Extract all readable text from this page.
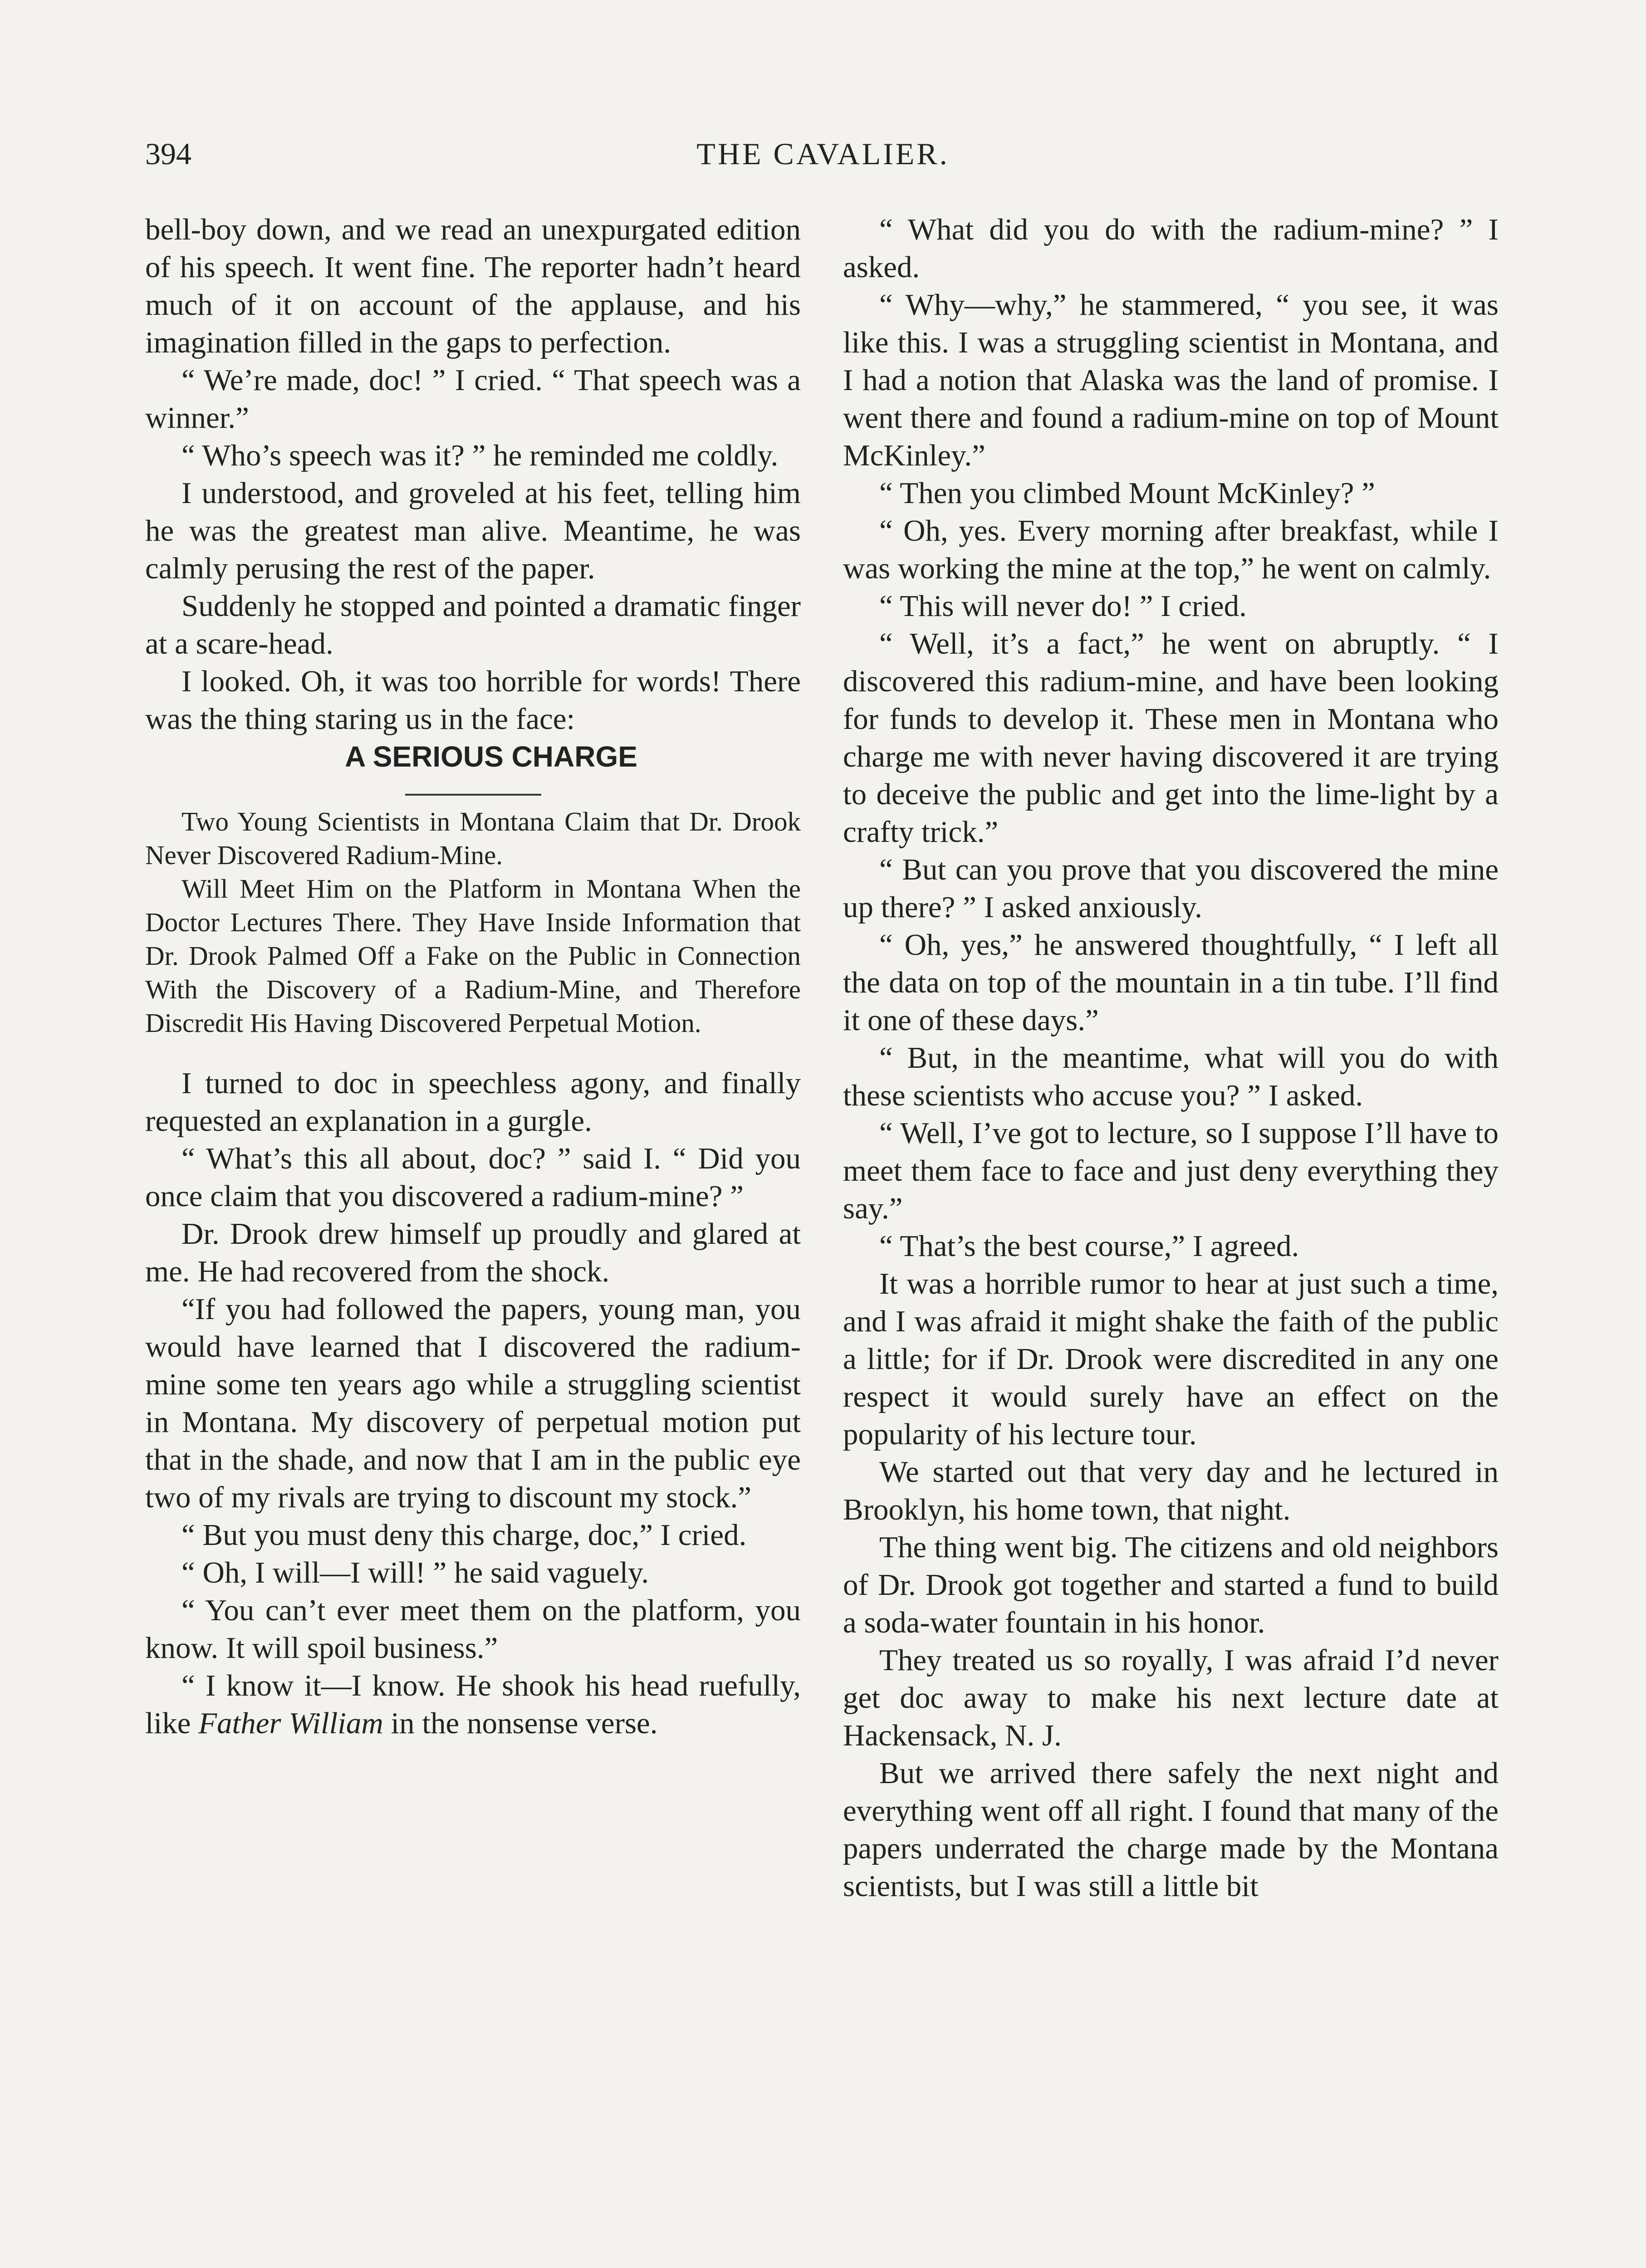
394	THE CAVALIER.

bell-boy down, and we read an unexpurgated edition of his speech. It went fine. The reporter hadn’t heard much of it on account of the applause, and his imagination filled in the gaps to perfection.

“ We’re made, doc! ” I cried. “ That speech was a winner.”

“ Who’s speech was it? ” he reminded me coldly.

I understood, and groveled at his feet, telling him he was the greatest man alive. Meantime, he was calmly perusing the rest of the paper.

Suddenly he stopped and pointed a dramatic finger at a scare-head.

I looked. Oh, it was too horrible for words! There was the thing staring us in the face:

A SERIOUS CHARGE

Two Young Scientists in Montana Claim that Dr. Drook Never Discovered Radium-Mine.

Will Meet Him on the Platform in Montana When the Doctor Lectures There. They Have Inside Information that Dr. Drook Palmed Off a Fake on the Public in Connection With the Discovery of a Radium-Mine, and Therefore Discredit His Having Discovered Perpetual Motion.

I turned to doc in speechless agony, and finally requested an explanation in a gurgle.

“ What’s this all about, doc? ” said I. “ Did you once claim that you discovered a radium-mine? ”

Dr. Drook drew himself up proudly and glared at me. He had recovered from the shock.

“If you had followed the papers, young man, you would have learned that I discovered the radium-mine some ten years ago while a struggling scientist in Montana. My discovery of perpetual motion put that in the shade, and now that I am in the public eye two of my rivals are trying to discount my stock.”

“ But you must deny this charge, doc,” I cried.

“ Oh, I will—I will! ” he said vaguely.

“ You can’t ever meet them on the platform, you know. It will spoil business.”

“ I know it—I know. He shook his head ruefully, like Father William in the nonsense verse.

“ What did you do with the radium-mine? ” I asked.

“ Why—why,” he stammered, “ you see, it was like this. I was a struggling scientist in Montana, and I had a notion that Alaska was the land of promise. I went there and found a radium-mine on top of Mount McKinley.”

“ Then you climbed Mount McKinley? ”

“ Oh, yes. Every morning after breakfast, while I was working the mine at the top,” he went on calmly.

“ This will never do! ” I cried.

“ Well, it’s a fact,” he went on abruptly. “ I discovered this radium-mine, and have been looking for funds to develop it. These men in Montana who charge me with never having discovered it are trying to deceive the public and get into the lime-light by a crafty trick.”

“ But can you prove that you discovered the mine up there? ” I asked anxiously.

“ Oh, yes,” he answered thoughtfully, “ I left all the data on top of the mountain in a tin tube. I’ll find it one of these days.”

“ But, in the meantime, what will you do with these scientists who accuse you? ” I asked.

“ Well, I’ve got to lecture, so I suppose I’ll have to meet them face to face and just deny everything they say.”

“ That’s the best course,” I agreed.

It was a horrible rumor to hear at just such a time, and I was afraid it might shake the faith of the public a little; for if Dr. Drook were discredited in any one respect it would surely have an effect on the popularity of his lecture tour.

We started out that very day and he lectured in Brooklyn, his home town, that night.

The thing went big. The citizens and old neighbors of Dr. Drook got together and started a fund to build a soda-water fountain in his honor.

They treated us so royally, I was afraid I’d never get doc away to make his next lecture date at Hackensack, N. J.

But we arrived there safely the next night and everything went off all right. I found that many of the papers underrated the charge made by the Montana scientists, but I was still a little bit
